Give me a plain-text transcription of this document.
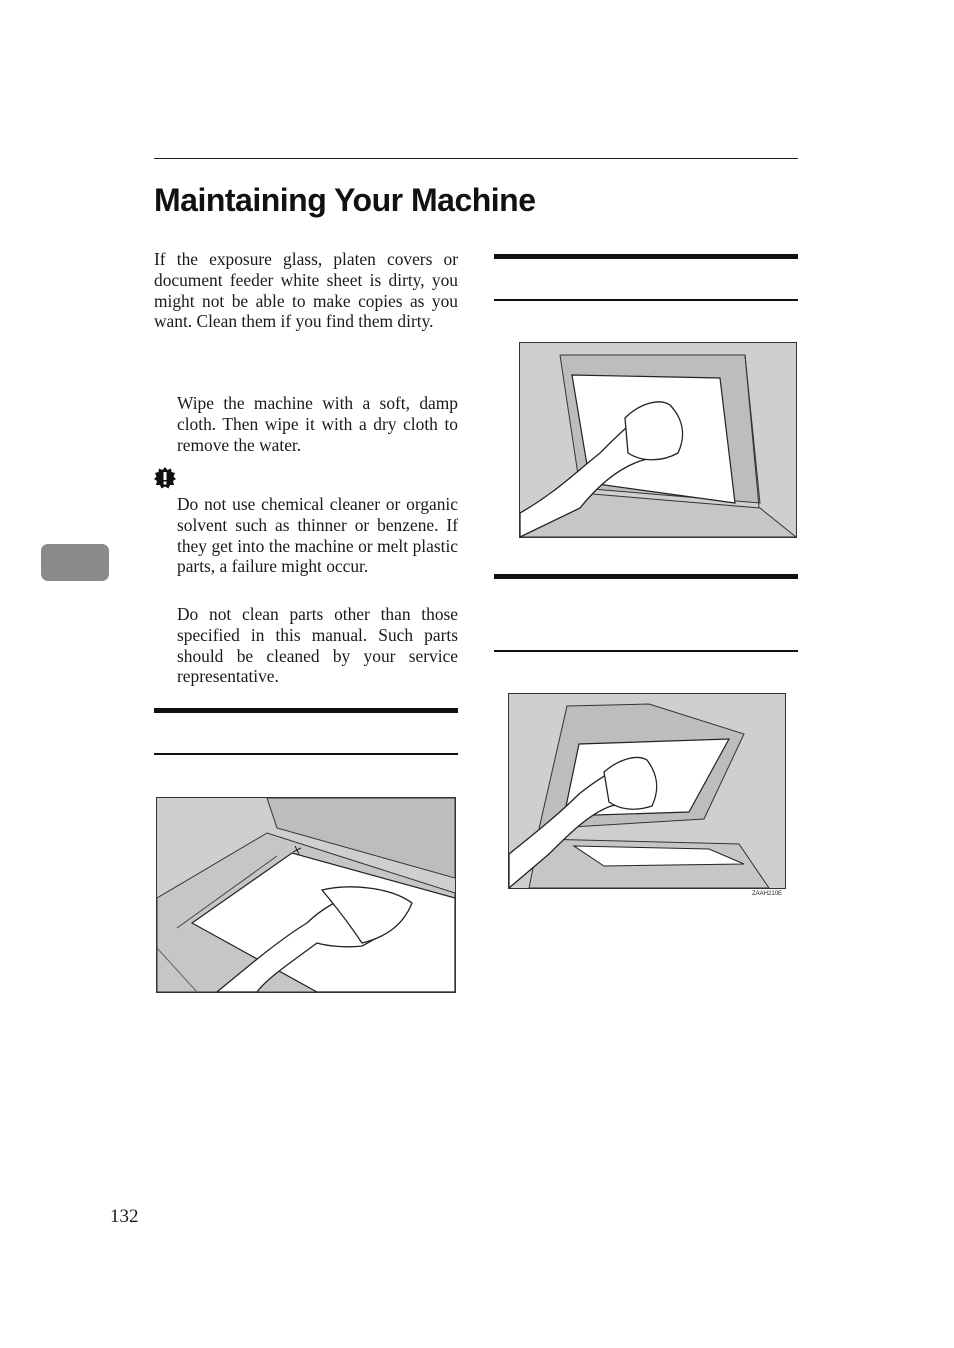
Maintaining Your Machine

If the exposure glass, platen covers or document feeder white sheet is dirty, you might not be able to make copies as you want. Clean them if you find them dirty.

Wipe the machine with a soft, damp cloth. Then wipe it with a dry cloth to remove the water.

Do not use chemical cleaner or organic solvent such as thinner or benzene. If they get into the machine or melt plastic parts, a failure might occur.

Do not clean parts other than those specified in this manual. Such parts should be cleaned by your service representative.

ZAAH210E
132
